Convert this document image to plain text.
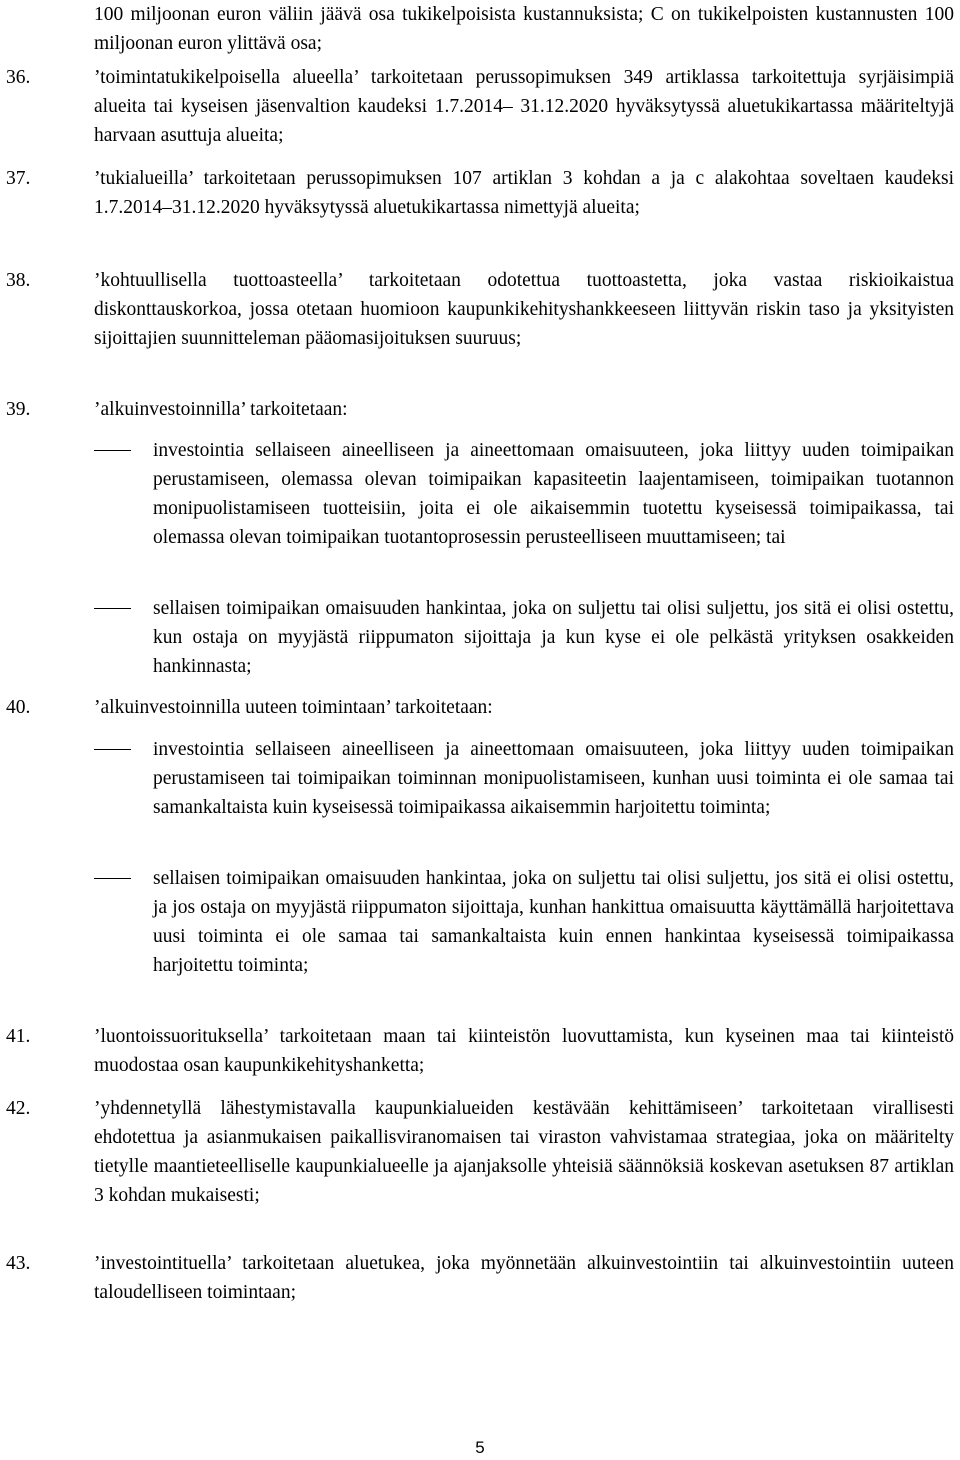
100 miljoonan euron väliin jäävä osa tukikelpoisista kustannuksista; C on tukikelpoisten kustannusten 100 miljoonan euron ylittävä osa;
36.	’toimintatukikelpoisella alueella’ tarkoitetaan perussopimuksen 349 artiklassa tarkoitettuja syrjäisimpiä alueita tai kyseisen jäsenvaltion kaudeksi 1.7.2014– 31.12.2020 hyväksytyssä aluetukikartassa määriteltyjä harvaan asuttuja alueita;
37.	’tukialueilla’ tarkoitetaan perussopimuksen 107 artiklan 3 kohdan a ja c alakohtaa soveltaen kaudeksi 1.7.2014–31.12.2020 hyväksytyssä aluetukikartassa nimettyjä alueita;
38.	’kohtuullisella tuottoasteella’ tarkoitetaan odotettua tuottoastetta, joka vastaa riskioikaistua diskonttauskorkoa, jossa otetaan huomioon kaupunkikehityshankkeeseen liittyvän riskin taso ja yksityisten sijoittajien suunnitteleman pääomasijoituksen suuruus;
39.	’alkuinvestoinnilla’ tarkoitetaan:
investointia sellaiseen aineelliseen ja aineettomaan omaisuuteen, joka liittyy uuden toimipaikan perustamiseen, olemassa olevan toimipaikan kapasiteetin laajentamiseen, toimipaikan tuotannon monipuolistamiseen tuotteisiin, joita ei ole aikaisemmin tuotettu kyseisessä toimipaikassa, tai olemassa olevan toimipaikan tuotantoprosessin perusteelliseen muuttamiseen; tai
sellaisen toimipaikan omaisuuden hankintaa, joka on suljettu tai olisi suljettu, jos sitä ei olisi ostettu, kun ostaja on myyjästä riippumaton sijoittaja ja kun kyse ei ole pelkästä yrityksen osakkeiden hankinnasta;
40.	’alkuinvestoinnilla uuteen toimintaan’ tarkoitetaan:
investointia sellaiseen aineelliseen ja aineettomaan omaisuuteen, joka liittyy uuden toimipaikan perustamiseen tai toimipaikan toiminnan monipuolistamiseen, kunhan uusi toiminta ei ole samaa tai samankaltaista kuin kyseisessä toimipaikassa aikaisemmin harjoitettu toiminta;
sellaisen toimipaikan omaisuuden hankintaa, joka on suljettu tai olisi suljettu, jos sitä ei olisi ostettu, ja jos ostaja on myyjästä riippumaton sijoittaja, kunhan hankittua omaisuutta käyttämällä harjoitettava uusi toiminta ei ole samaa tai samankaltaista kuin ennen hankintaa kyseisessä toimipaikassa harjoitettu toiminta;
41.	’luontoissuorituksella’ tarkoitetaan maan tai kiinteistön luovuttamista, kun kyseinen maa tai kiinteistö muodostaa osan kaupunkikehityshanketta;
42.	’yhdennetyllä lähestymistavalla kaupunkialueiden kestävään kehittämiseen’ tarkoitetaan virallisesti ehdotettua ja asianmukaisen paikallisviranomaisen tai viraston vahvistamaa strategiaa, joka on määritelty tietylle maantieteelliselle kaupunkialueelle ja ajanjaksolle yhteisiä säännöksiä koskevan asetuksen 87 artiklan 3 kohdan mukaisesti;
43.	’investointituella’ tarkoitetaan aluetukea, joka myönnetään alkuinvestointiin tai alkuinvestointiin uuteen taloudelliseen toimintaan;
5
